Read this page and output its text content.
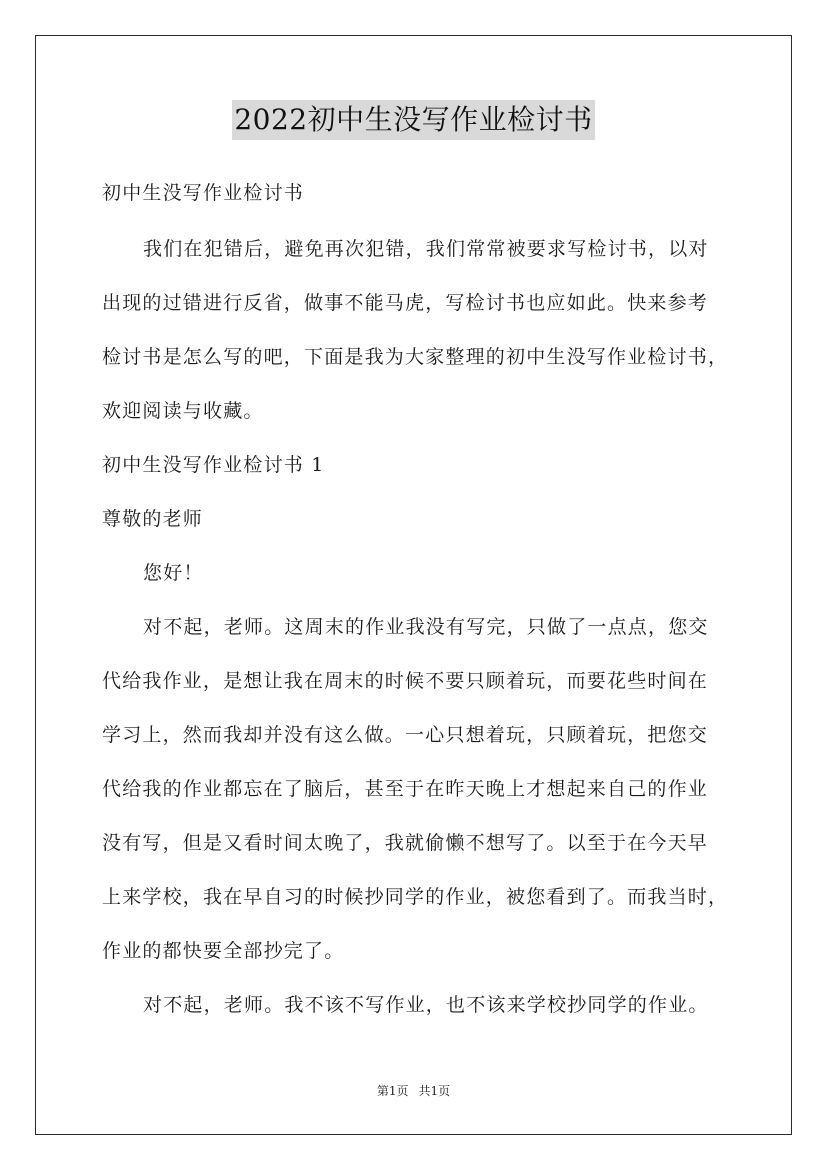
2022初中生没写作业检讨书
初中生没写作业检讨书
我们在犯错后，避免再次犯错，我们常常被要求写检讨书，以对
出现的过错进行反省，做事不能马虎，写检讨书也应如此。快来参考
检讨书是怎么写的吧，下面是我为大家整理的初中生没写作业检讨书，
欢迎阅读与收藏。
初中生没写作业检讨书 1
尊敬的老师
您好！
对不起，老师。这周末的作业我没有写完，只做了一点点，您交
代给我作业，是想让我在周末的时候不要只顾着玩，而要花些时间在
学习上，然而我却并没有这么做。一心只想着玩，只顾着玩，把您交
代给我的作业都忘在了脑后，甚至于在昨天晚上才想起来自己的作业
没有写，但是又看时间太晚了，我就偷懒不想写了。以至于在今天早
上来学校，我在早自习的时候抄同学的作业，被您看到了。而我当时，
作业的都快要全部抄完了。
对不起，老师。我不该不写作业，也不该来学校抄同学的作业。
第1页 共1页
